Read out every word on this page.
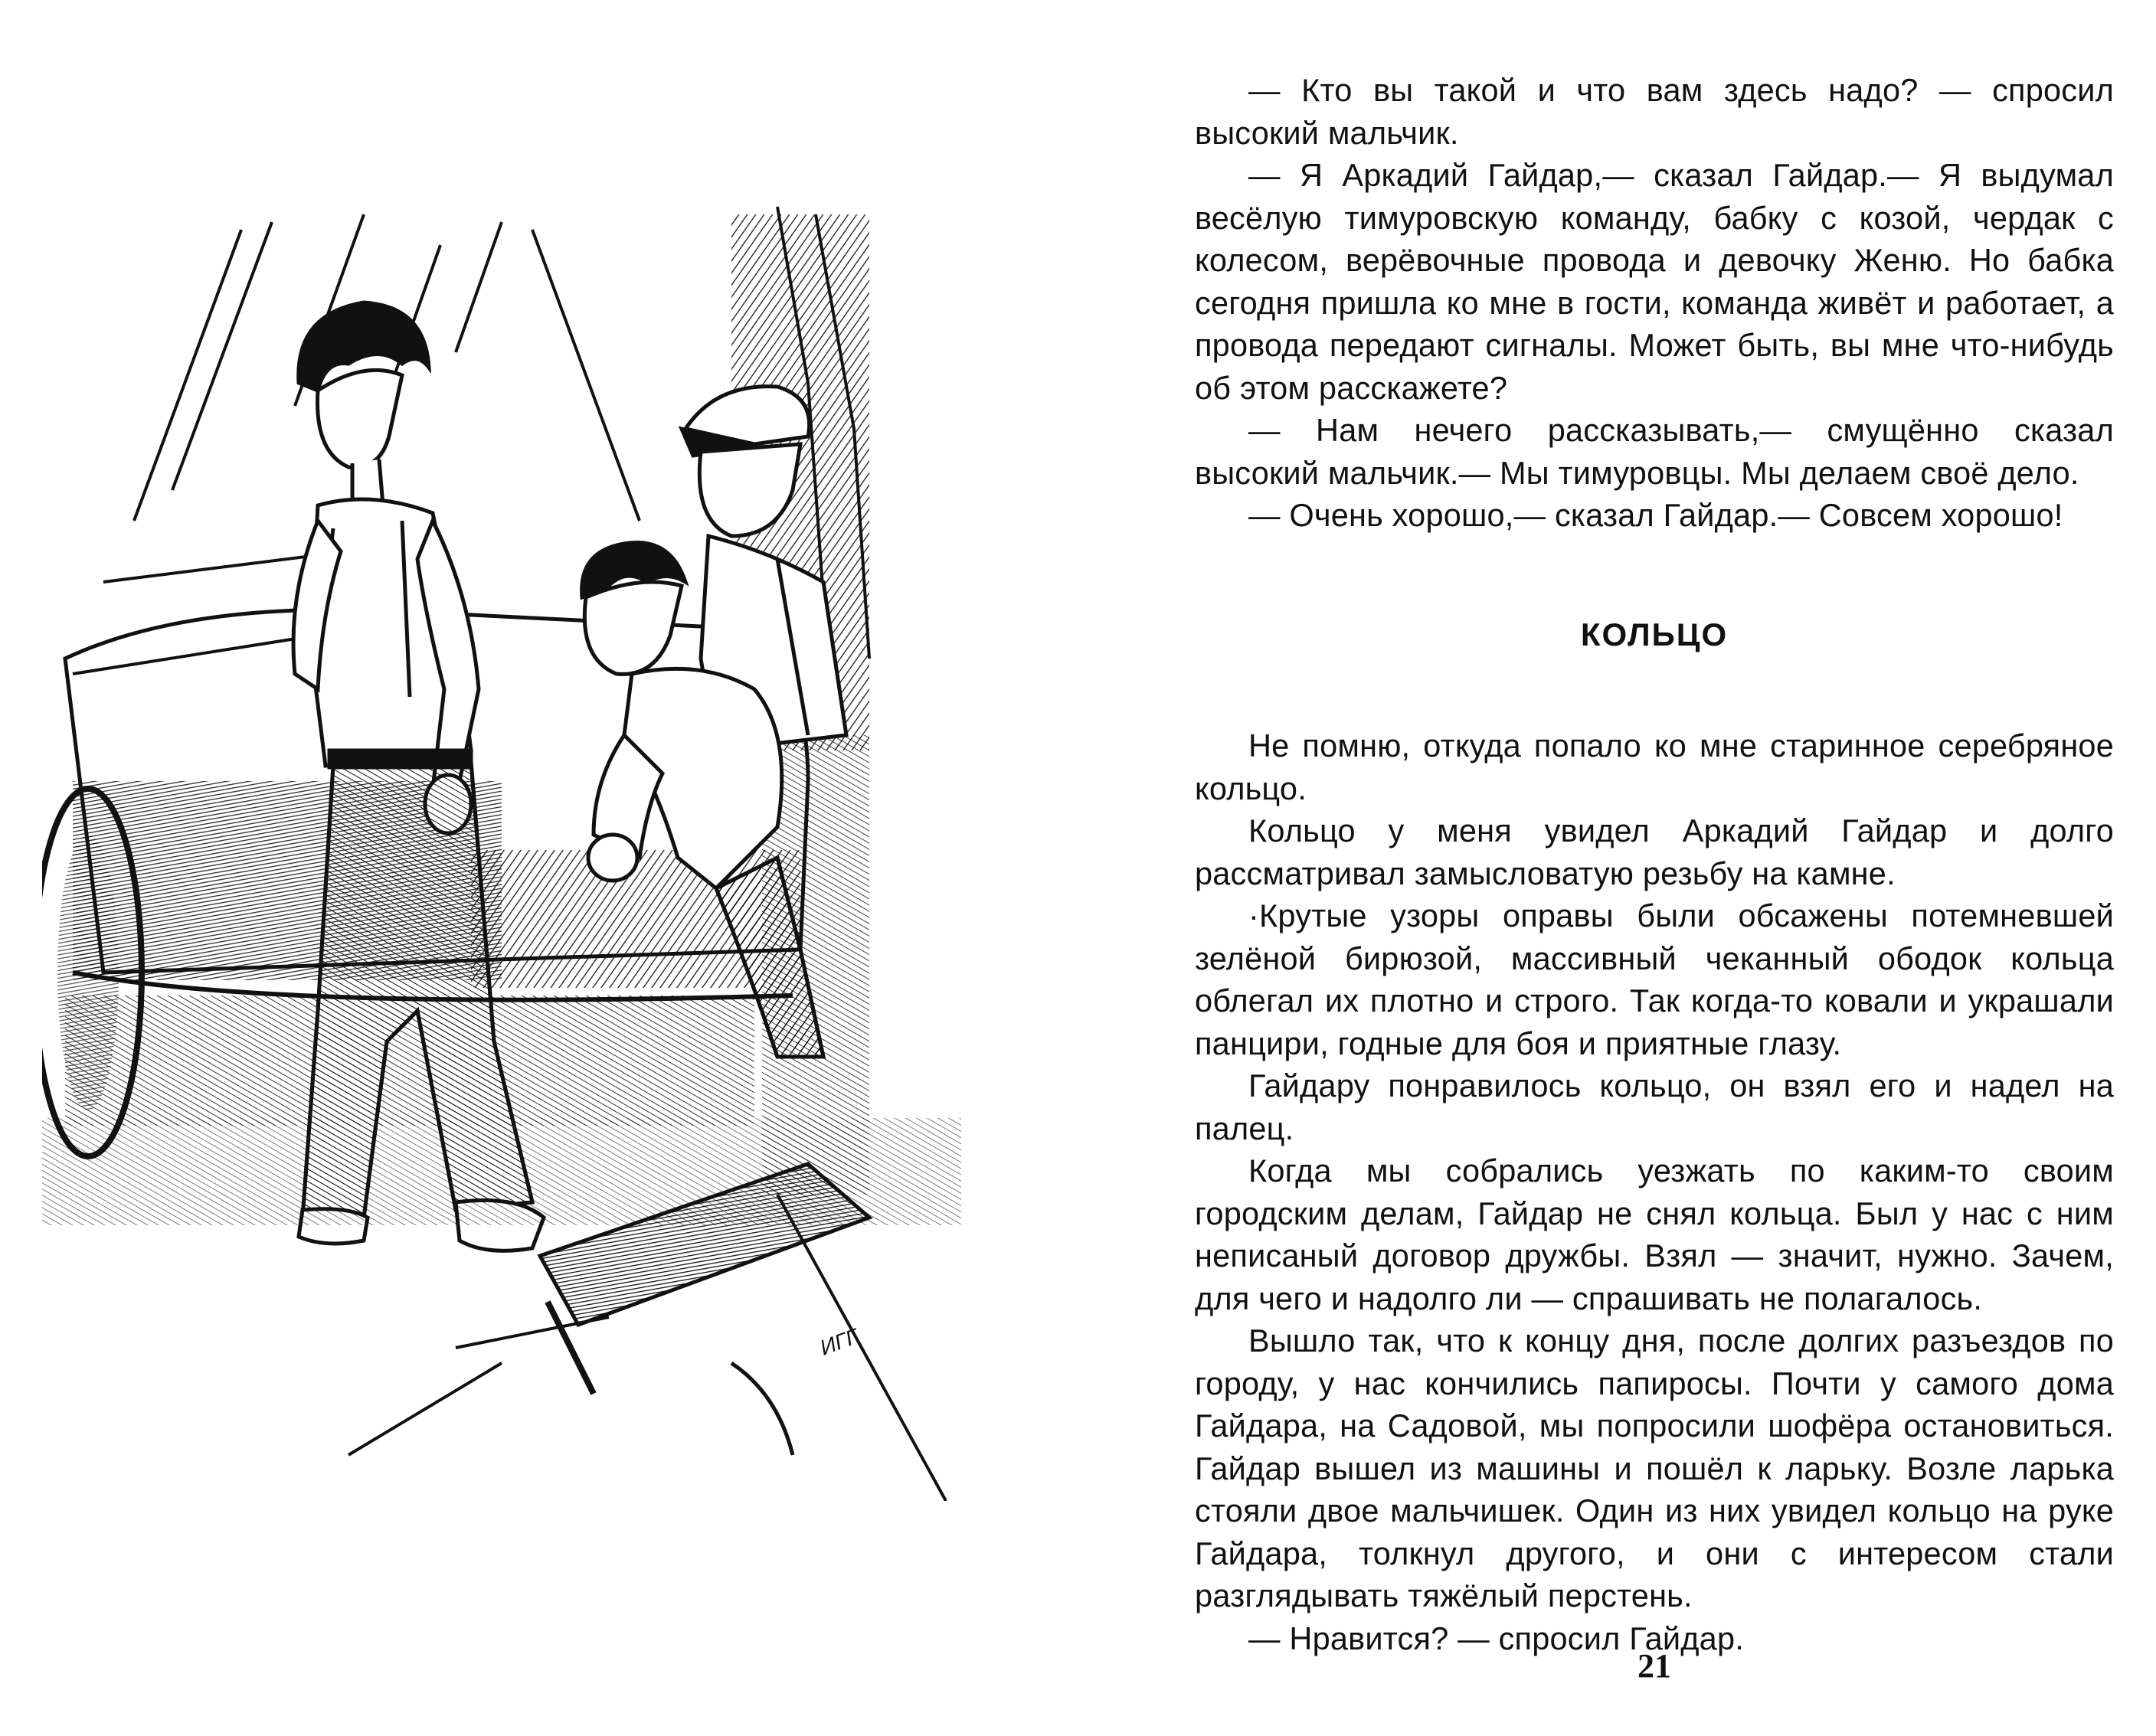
ИГГ

— Кто вы такой и что вам здесь надо? — спросил высокий мальчик.

— Я Аркадий Гайдар,— сказал Гайдар.— Я выдумал весёлую тимуровскую команду, бабку с козой, чердак с колесом, верёвочные провода и девочку Женю. Но бабка сегодня пришла ко мне в гости, команда живёт и работает, а провода передают сигналы. Может быть, вы мне что-нибудь об этом расскажете?

— Нам нечего рассказывать,— смущённо сказал высокий мальчик.— Мы тимуровцы. Мы делаем своё дело.

— Очень хорошо,— сказал Гайдар.— Совсем хорошо!

КОЛЬЦО

Не помню, откуда попало ко мне старинное серебряное кольцо.

Кольцо у меня увидел Аркадий Гайдар и долго рассматривал замысловатую резьбу на камне.

·Крутые узоры оправы были обсажены потемневшей зелёной бирюзой, массивный чеканный ободок кольца облегал их плотно и строго. Так когда-то ковали и украшали панцири, годные для боя и приятные глазу.

Гайдару понравилось кольцо, он взял его и надел на палец.

Когда мы собрались уезжать по каким-то своим городским делам, Гайдар не снял кольца. Был у нас с ним неписаный договор дружбы. Взял — значит, нужно. Зачем, для чего и надолго ли — спрашивать не полагалось.

Вышло так, что к концу дня, после долгих разъездов по городу, у нас кончились папиросы. Почти у самого дома Гайдара, на Садовой, мы попросили шофёра остановиться. Гайдар вышел из машины и пошёл к ларьку. Возле ларька стояли двое мальчишек. Один из них увидел кольцо на руке Гайдара, толкнул другого, и они с интересом стали разглядывать тяжёлый перстень.

— Нравится? — спросил Гайдар.

21
